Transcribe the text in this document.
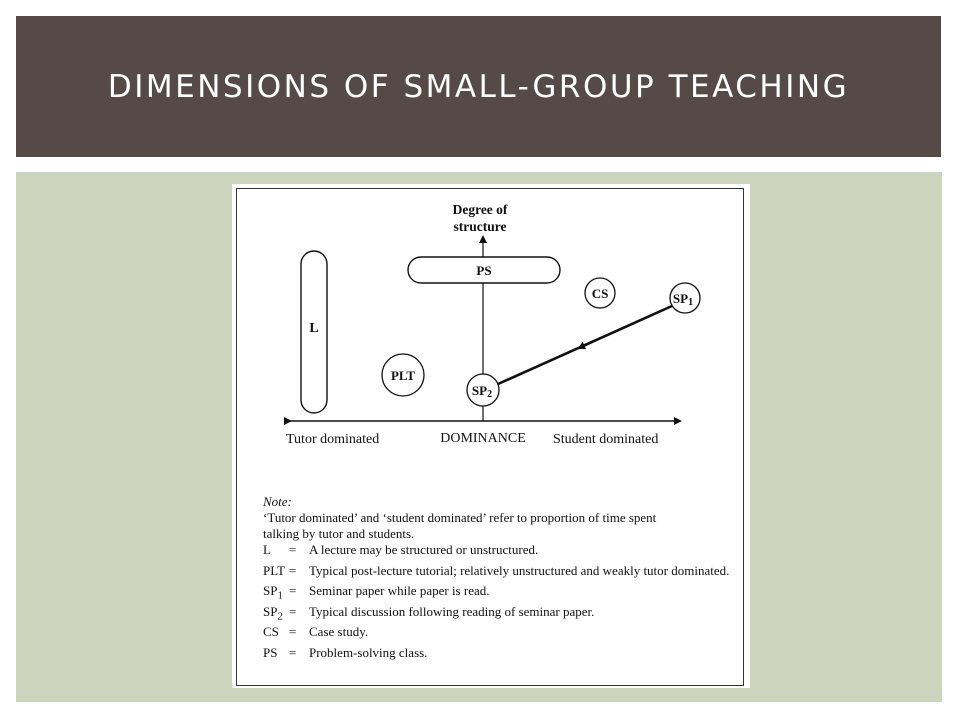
DIMENSIONS OF SMALL-GROUP TEACHING
Degree of
structure
L
PS
CS	SP1
PLT
SP2
Tutor dominated	DOMINANCE Student dominated
Note:
‘Tutor dominated’ and ‘student dominated’ refer to proportion of time spent
talking by tutor and students.
L	= A lecture may be structured or unstructured.
PLT = Typical post-lecture tutorial; relatively unstructured and weakly tutor dominated.
$SP_1$ = Seminar paper while paper is read.
$SP_2$ = Typical discussion following reading of seminar paper.
CS = Case study.
PS = Problem-solving class.
